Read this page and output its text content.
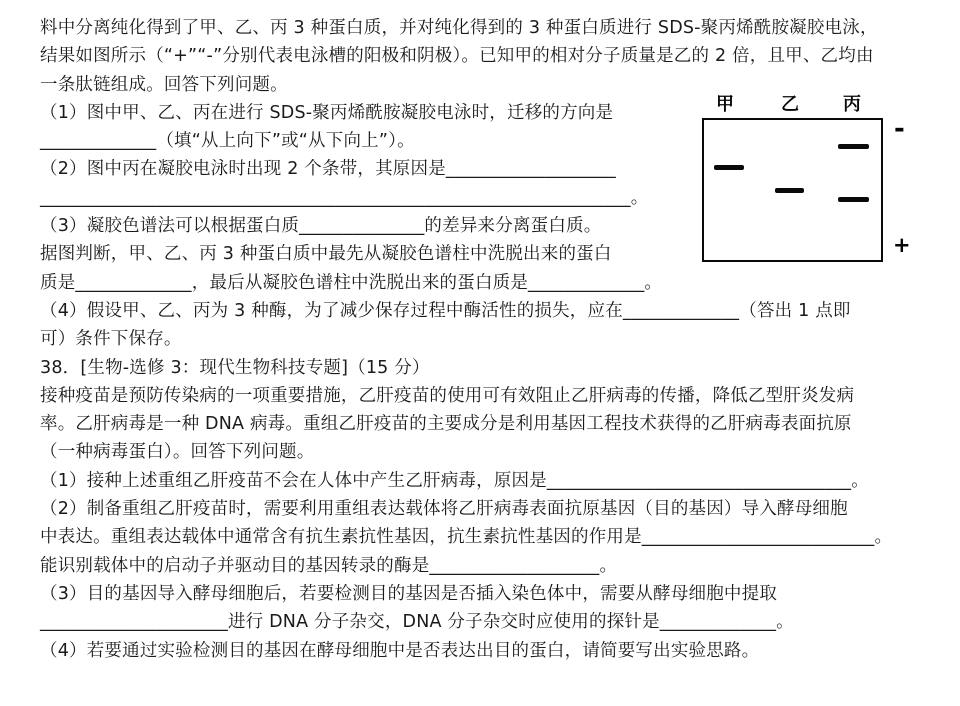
料中分离纯化得到了甲、乙、丙 3 种蛋白质，并对纯化得到的 3 种蛋白质进行 SDS-聚丙烯酰胺凝胶电泳，
结果如图所示（“+”“-”分别代表电泳槽的阳极和阴极）。已知甲的相对分子质量是乙的 2 倍，且甲、乙均由
一条肽链组成。回答下列问题。
（1）图中甲、乙、丙在进行 SDS-聚丙烯酰胺凝胶电泳时，迁移的方向是
_____________（填“从上向下”或“从下向上”）。
（2）图中丙在凝胶电泳时出现 2 个条带，其原因是___________________
__________________________________________________________________。
（3）凝胶色谱法可以根据蛋白质______________的差异来分离蛋白质。
据图判断，甲、乙、丙 3 种蛋白质中最先从凝胶色谱柱中洗脱出来的蛋白
质是_____________，最后从凝胶色谱柱中洗脱出来的蛋白质是_____________。
（4）假设甲、乙、丙为 3 种酶，为了减少保存过程中酶活性的损失，应在_____________（答出 1 点即
可）条件下保存。
38．[生物-选修 3：现代生物科技专题]（15 分）
接种疫苗是预防传染病的一项重要措施，乙肝疫苗的使用可有效阻止乙肝病毒的传播，降低乙型肝炎发病
率。乙肝病毒是一种 DNA 病毒。重组乙肝疫苗的主要成分是利用基因工程技术获得的乙肝病毒表面抗原
（一种病毒蛋白）。回答下列问题。
（1）接种上述重组乙肝疫苗不会在人体中产生乙肝病毒，原因是__________________________________。
（2）制备重组乙肝疫苗时，需要利用重组表达载体将乙肝病毒表面抗原基因（目的基因）导入酵母细胞
中表达。重组表达载体中通常含有抗生素抗性基因，抗生素抗性基因的作用是__________________________。
能识别载体中的启动子并驱动目的基因转录的酶是___________________。
（3）目的基因导入酵母细胞后，若要检测目的基因是否插入染色体中，需要从酵母细胞中提取
_____________________进行 DNA 分子杂交，DNA 分子杂交时应使用的探针是_____________。
（4）若要通过实验检测目的基因在酵母细胞中是否表达出目的蛋白，请简要写出实验思路。
甲	乙 丙
-
+
